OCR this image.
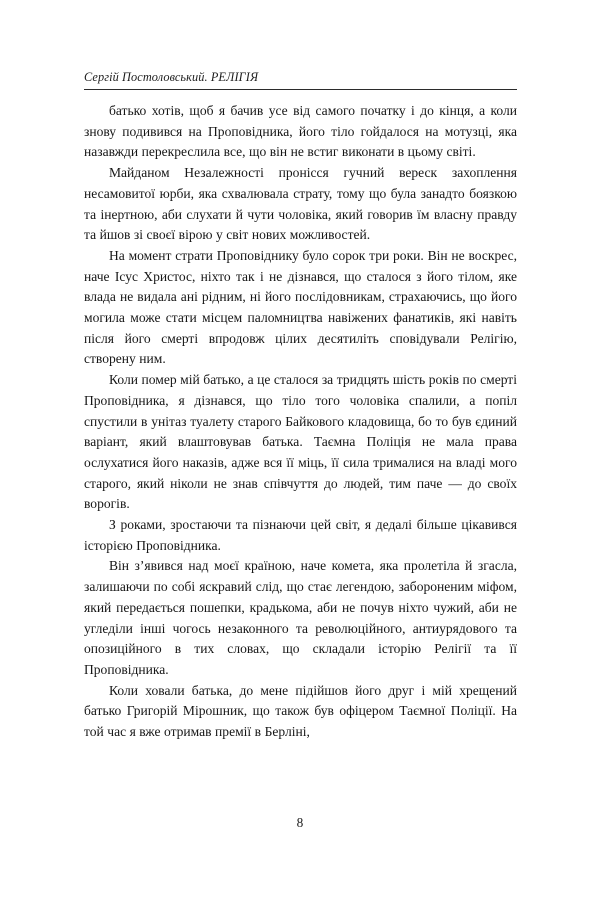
Сергій Постоловський. РЕЛІГІЯ

батько хотів, щоб я бачив усе від самого початку і до кінця, а коли знову подивився на Проповідника, його тіло гойдалося на мотузці, яка назавжди перекреслила все, що він не встиг виконати в цьому світі.

Майданом Незалежності пронісся гучний вереск захоплення несамовитої юрби, яка схвалювала страту, тому що була занадто боязкою та інертною, аби слухати й чути чоловіка, який говорив їм власну правду та йшов зі своєї вірою у світ нових можливостей.

На момент страти Проповіднику було сорок три роки. Він не воскрес, наче Ісус Христос, ніхто так і не дізнався, що сталося з його тілом, яке влада не видала ані рідним, ні його послідовникам, страхаючись, що його могила може стати місцем паломництва навіжених фанатиків, які навіть після його смерті впродовж цілих десятиліть сповідували Релігію, створену ним.

Коли помер мій батько, а це сталося за тридцять шість років по смерті Проповідника, я дізнався, що тіло того чоловіка спалили, а попіл спустили в унітаз туалету старого Байкового кладовища, бо то був єдиний варіант, який влаштовував батька. Таємна Поліція не мала права ослухатися його наказів, адже вся її міць, її сила трималися на владі мого старого, який ніколи не знав співчуття до людей, тим паче — до своїх ворогів.

З роками, зростаючи та пізнаючи цей світ, я дедалі більше цікавився історією Проповідника.

Він з’явився над моєї країною, наче комета, яка пролетіла й згасла, залишаючи по собі яскравий слід, що стає легендою, забороненим міфом, який передається пошепки, крадькома, аби не почув ніхто чужий, аби не угледіли інші чогось незаконного та революційного, антиурядового та опозиційного в тих словах, що складали історію Релігії та її Проповідника.

Коли ховали батька, до мене підійшов його друг і мій хрещений батько Григорій Мірошник, що також був офіцером Таємної Поліції. На той час я вже отримав премії в Берліні,

8
